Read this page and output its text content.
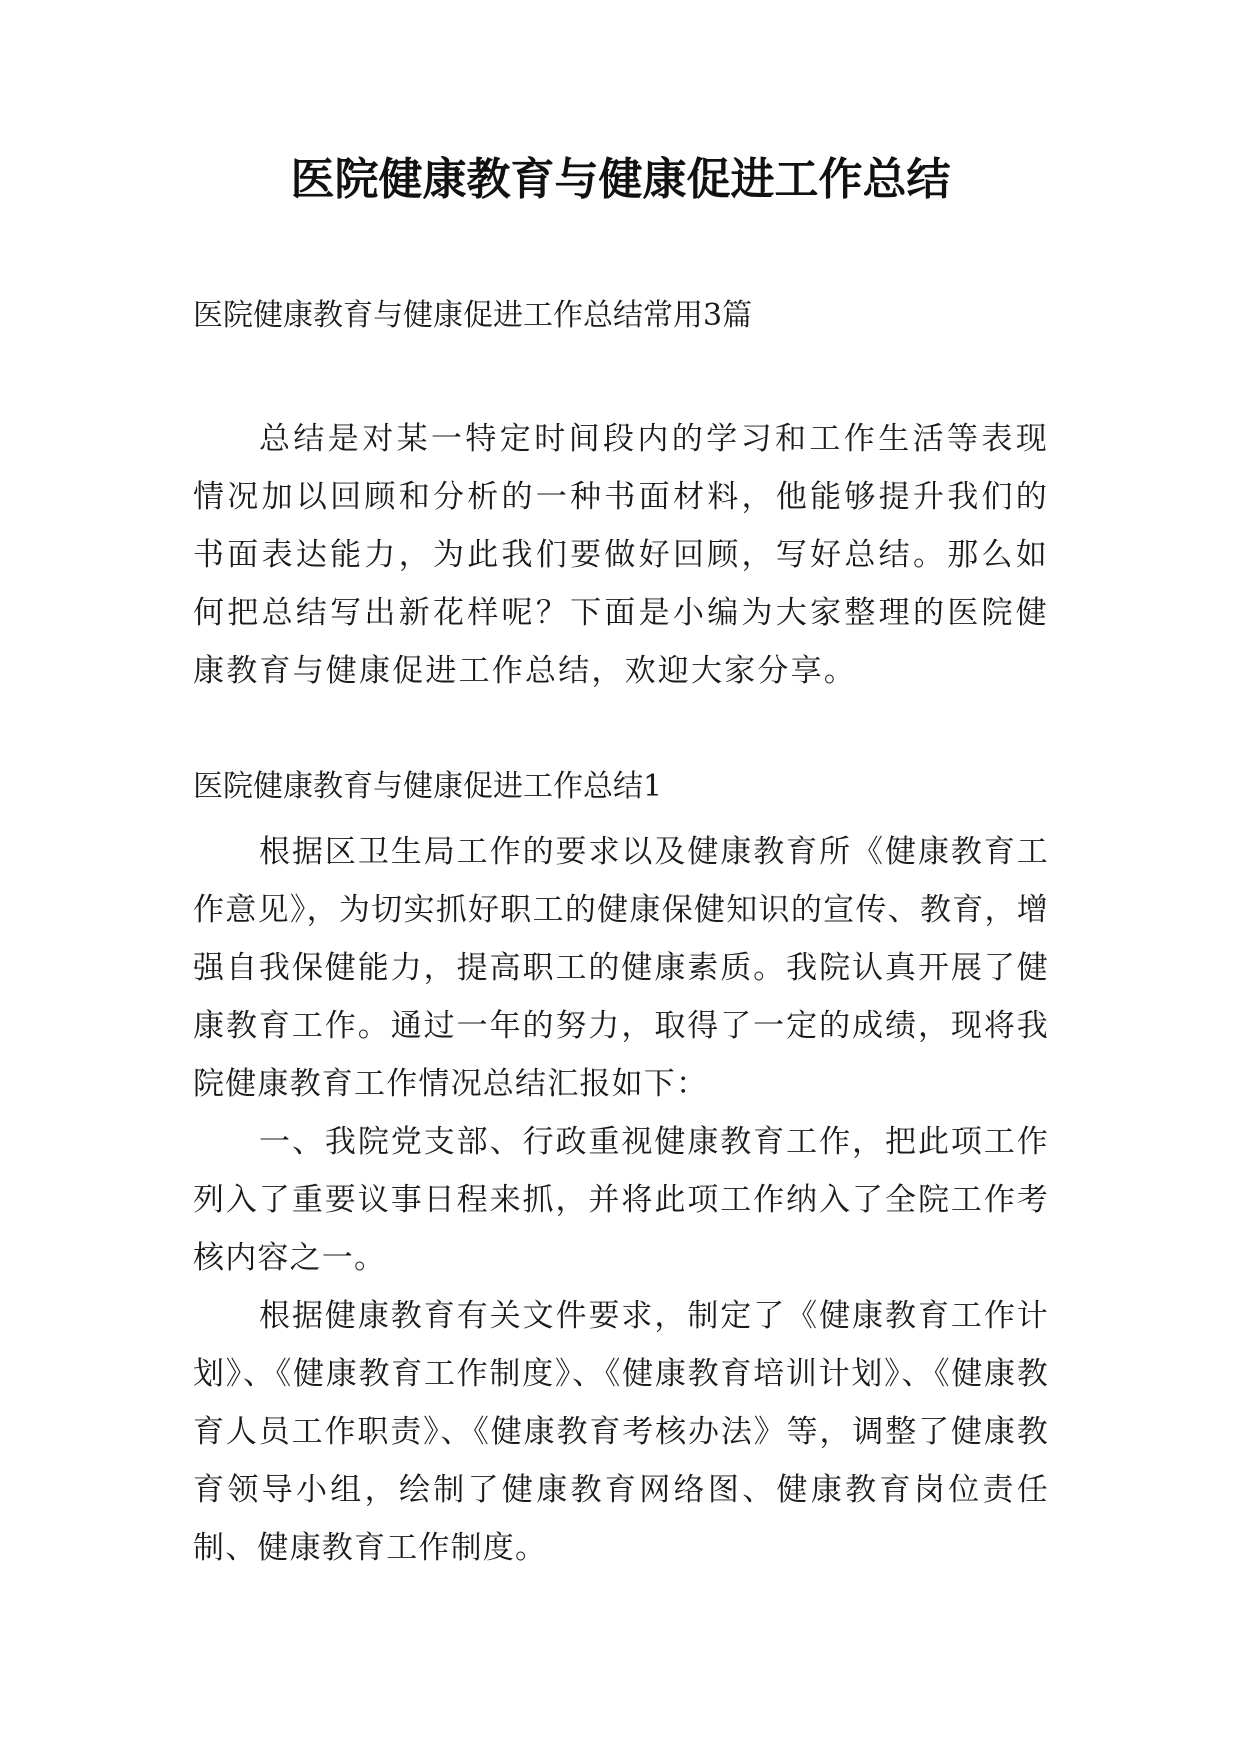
医院健康教育与健康促进工作总结

医院健康教育与健康促进工作总结常用3篇

总结是对某一特定时间段内的学习和工作生活等表现情况加以回顾和分析的一种书面材料，他能够提升我们的书面表达能力，为此我们要做好回顾，写好总结。那么如何把总结写出新花样呢？下面是小编为大家整理的医院健康教育与健康促进工作总结，欢迎大家分享。

医院健康教育与健康促进工作总结1

根据区卫生局工作的要求以及健康教育所《健康教育工作意见》，为切实抓好职工的健康保健知识的宣传、教育，增强自我保健能力，提高职工的健康素质。我院认真开展了健康教育工作。通过一年的努力，取得了一定的成绩，现将我院健康教育工作情况总结汇报如下：

一、我院党支部、行政重视健康教育工作，把此项工作列入了重要议事日程来抓，并将此项工作纳入了全院工作考核内容之一。

根据健康教育有关文件要求，制定了《健康教育工作计划》、《健康教育工作制度》、《健康教育培训计划》、《健康教育人员工作职责》、《健康教育考核办法》等，调整了健康教育领导小组，绘制了健康教育网络图、健康教育岗位责任制、健康教育工作制度。
